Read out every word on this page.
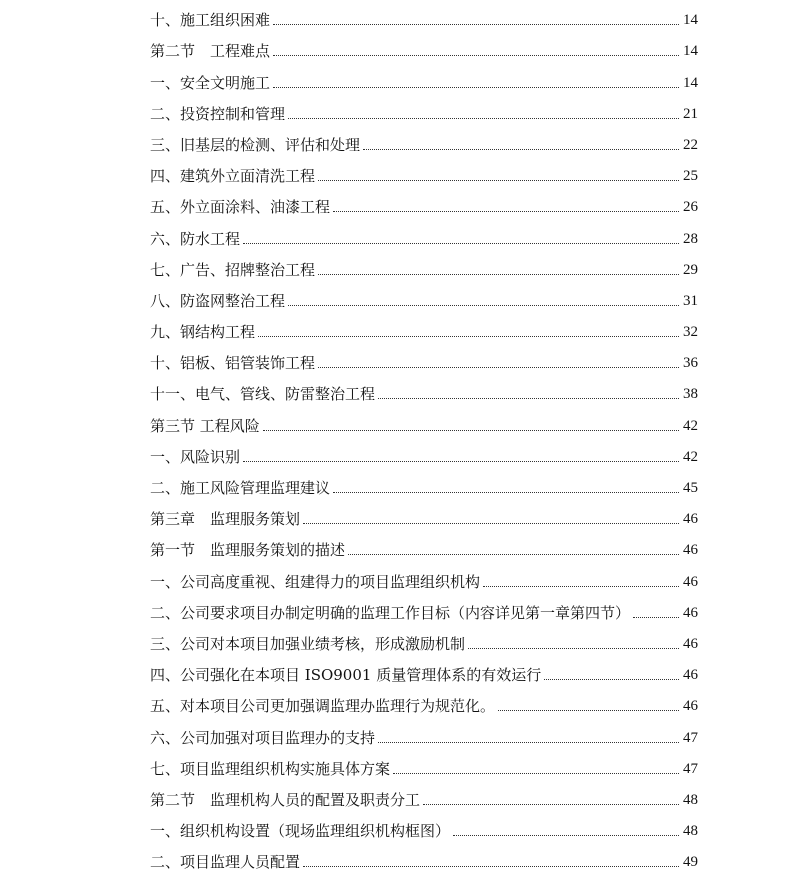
十、施工组织困难	14
第二节　工程难点	14
一、安全文明施工	14
二、投资控制和管理	21
三、旧基层的检测、评估和处理	22
四、建筑外立面清洗工程	25
五、外立面涂料、油漆工程	26
六、防水工程	28
七、广告、招牌整治工程	29
八、防盗网整治工程	31
九、钢结构工程	32
十、铝板、铝管装饰工程	36
十一、电气、管线、防雷整治工程	38
第三节 工程风险	42
一、风险识别	42
二、施工风险管理监理建议	45
第三章　监理服务策划	46
第一节　监理服务策划的描述	46
一、公司高度重视、组建得力的项目监理组织机构	46
二、公司要求项目办制定明确的监理工作目标（内容详见第一章第四节）	46
三、公司对本项目加强业绩考核，形成激励机制	46
四、公司强化在本项目 ISO9001 质量管理体系的有效运行	46
五、对本项目公司更加强调监理办监理行为规范化。	46
六、公司加强对项目监理办的支持	47
七、项目监理组织机构实施具体方案	47
第二节　监理机构人员的配置及职责分工	48
一、组织机构设置（现场监理组织机构框图）	48
二、项目监理人员配置	49
